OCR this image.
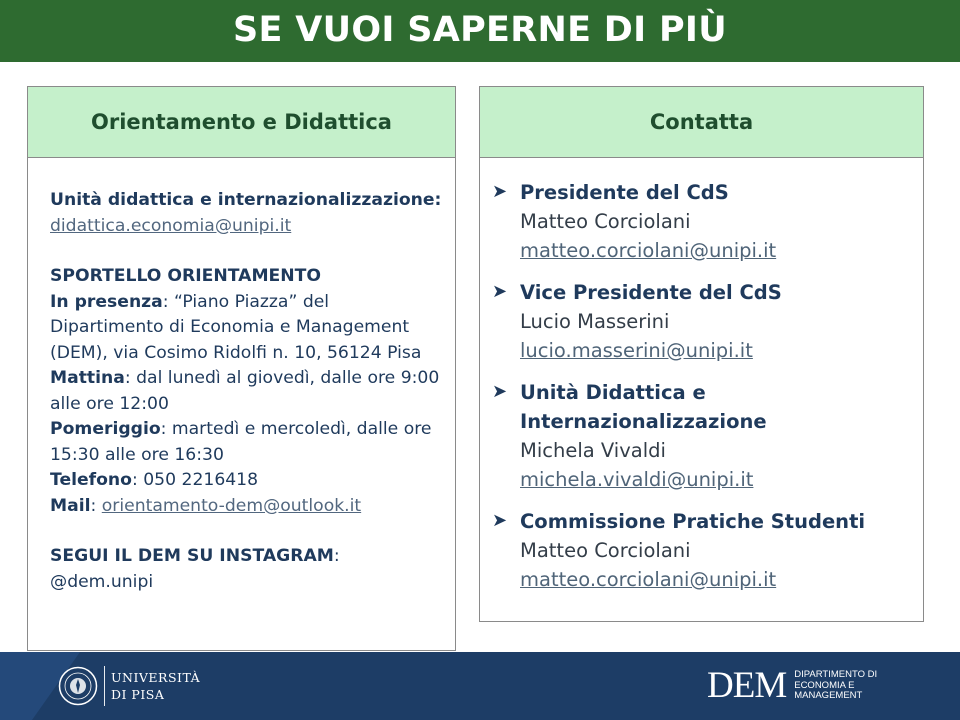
SE VUOI SAPERNE DI PIÙ
Orientamento e Didattica
Unità didattica e internazionalizzazione:
didattica.economia@unipi.it
SPORTELLO ORIENTAMENTO
In presenza: “Piano Piazza” del Dipartimento di Economia e Management (DEM), via Cosimo Ridolfi n. 10, 56124 Pisa
Mattina: dal lunedì al giovedì, dalle ore 9:00 alle ore 12:00
Pomeriggio: martedì e mercoledì, dalle ore 15:30 alle ore 16:30
Telefono: 050 2216418
Mail: orientamento-dem@outlook.it
SEGUI IL DEM SU INSTAGRAM: @dem.unipi
Contatta
➤ Presidente del CdS
Matteo Corciolani
matteo.corciolani@unipi.it
➤ Vice Presidente del CdS
Lucio Masserini
lucio.masserini@unipi.it
➤ Unità Didattica e Internazionalizzazione
Michela Vivaldi
michela.vivaldi@unipi.it
➤ Commissione Pratiche Studenti
Matteo Corciolani
matteo.corciolani@unipi.it
UNIVERSITÀ
DI PISA	DEM DIPARTIMENTO DI
ECONOMIA E
MANAGEMENT
